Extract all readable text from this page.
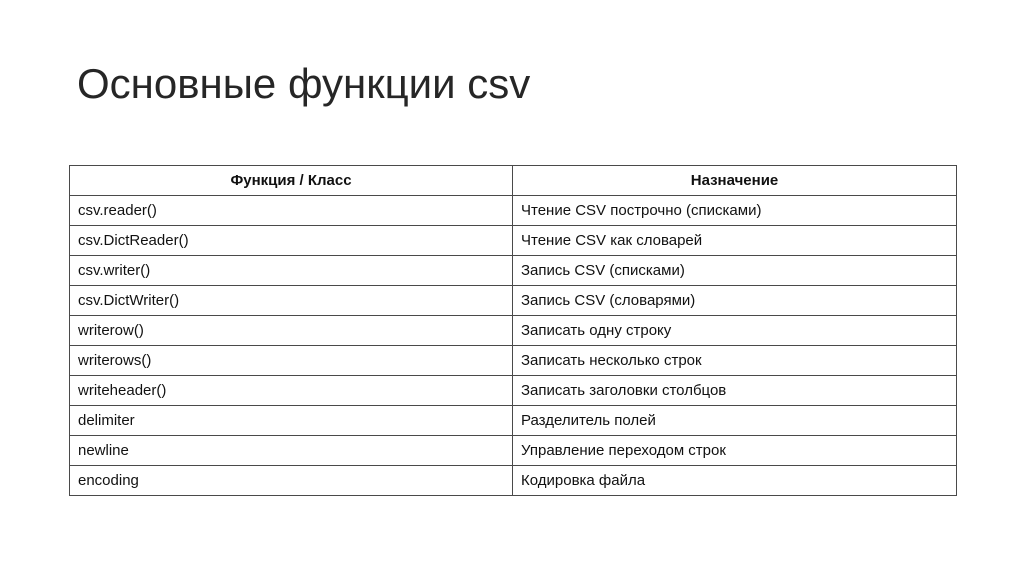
Основные функции csv
Функция / Класс	Назначение
csv.reader()	Чтение CSV построчно (списками)
csv.DictReader()	Чтение CSV как словарей
csv.writer()	Запись CSV (списками)
csv.DictWriter()	Запись CSV (словарями)
writerow()	Записать одну строку
writerows()	Записать несколько строк
writeheader()	Записать заголовки столбцов
delimiter	Разделитель полей
newline	Управление переходом строк
encoding	Кодировка файла
